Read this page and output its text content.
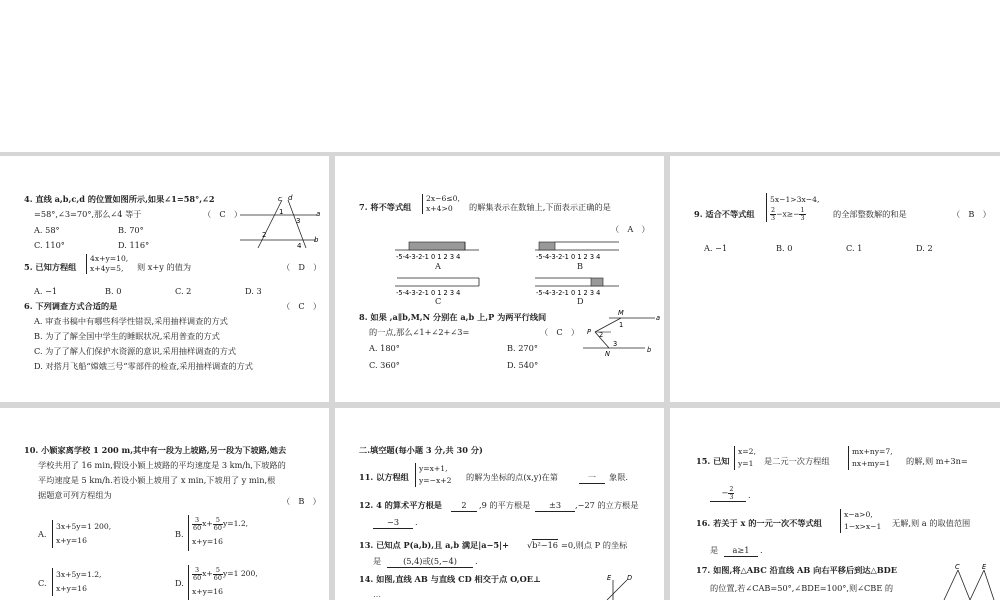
4. 直线 a,b,c,d 的位置如图所示,如果∠1=58°,∠2
=58°,∠3=70°,那么∠4 等于	（　C　）
A. 58°	B. 70°
C. 110°	D. 116°
c d
a
b
1
2
3
4
5. 已知方程组
4x+y=10,
x+4y=5,	则 x+y 的值为	（　D　）
A. −1	B. 0	C. 2	D. 3
6. 下列调查方式合适的是	（　C　）
A. 审查书稿中有哪些科学性错误,采用抽样调查的方式
B. 为了了解全国中学生的睡眠状况,采用普查的方式
C. 为了了解人们保护水资源的意识,采用抽样调查的方式
D. 对搭月飞船“嫦娥三号”零部件的检查,采用抽样调查的方式
7. 将不等式组
2x−6≤0,
x+4>0	的解集表示在数轴上,下面表示正确的是
（　A　）
-5-4-3-2-1 0 1 2 3 4
A
-5-4-3-2-1 0 1 2 3 4
B
-5-4-3-2-1 0 1 2 3 4
C
-5-4-3-2-1 0 1 2 3 4
D
8. 如果 ,a∥b,M,N 分别在 a,b 上,P 为两平行线间
的一点,那么∠1+∠2+∠3=	（　C　）
A. 180°	B. 270°
C. 360°	D. 540°
M
N
P
a
b
1
2
3
9. 适合不等式组
5x−1>3x−4,
$\frac{2}{3} -x\ge- \frac{1}{3}$	的全部整数解的和是	（　B　）
A. −1	B. 0	C. 1	D. 2
10. 小颖家离学校 1 200 m,其中有一段为上坡路,另一段为下坡路,她去
学校共用了 16 min,假设小颖上坡路的平均速度是 3 km/h,下坡路的
平均速度是 5 km/h.若设小颖上坡用了 x min,下坡用了 y min,根
据题意可列方程组为
（　B　）
A.
3x+5y=1 200,
x+y=16
B.
$\frac{3}{60} x+ \frac{5}{60} y=1.2$,
x+y=16
C.
3x+5y=1.2,
x+y=16
D.
$\frac{3}{60} x+ \frac{5}{60} y=1$ 200,
x+y=16
二.填空题(每小题 3 分,共 30 分)
11. 以方程组
y=x+1,
y=−x+2 的解为坐标的点(x,y)在第	一	象限.
12. 4 的算术平方根是	2	,9 的平方根是	±3	,−27 的立方根是
−3	.
13. 已知点 P(a,b),且 a,b 满足|a−5|+ √b²−16 =0,则点 P 的坐标
是	(5,4)或(5,−4)	.
14. 如图,直线 AB 与直线 CD 相交于点 O,OE⊥
⋯
E D
15. 已知
x=2,
y=1 是二元一次方程组
mx+ny=7,
nx+my=1 的解,则 m+3n=
− $\frac{2}{3}$ .
16. 若关于 x 的一元一次不等式组
x−a>0,
1−x>x−1 无解,则 a 的取值范围
是	a≥1	.
17. 如图,将△ABC 沿直线 AB 向右平移后到达△BDE
的位置,若∠CAB=50°,∠BDE=100°,则∠CBE 的
C	E
